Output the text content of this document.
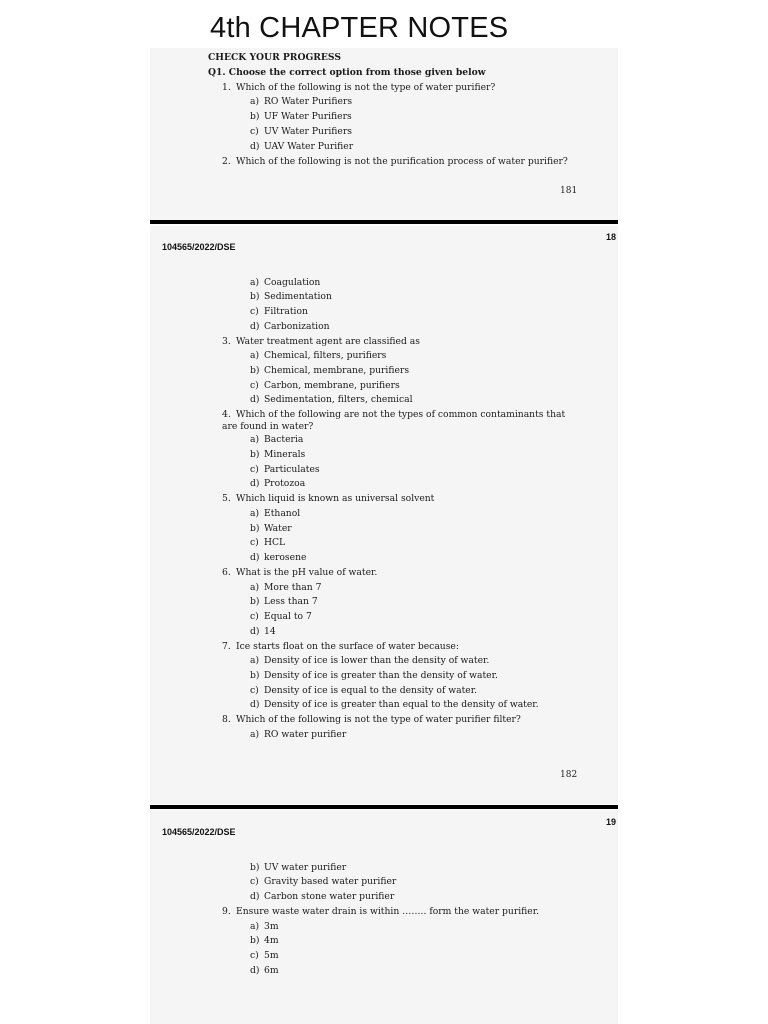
4th CHAPTER NOTES
CHECK YOUR PROGRESS
Q1. Choose the correct option from those given below
1. Which of the following is not the type of water purifier?
a) RO Water Purifiers
b) UF Water Purifiers
c) UV Water Purifiers
d) UAV Water Purifier
2. Which of the following is not the purification process of water purifier?
181
18
104565/2022/DSE
a) Coagulation
b) Sedimentation
c) Filtration
d) Carbonization
3. Water treatment agent are classified as
a) Chemical, filters, purifiers
b) Chemical, membrane, purifiers
c) Carbon, membrane, purifiers
d) Sedimentation, filters, chemical
4. Which of the following are not the types of common contaminants that are found in water?
a) Bacteria
b) Minerals
c) Particulates
d) Protozoa
5. Which liquid is known as universal solvent
a) Ethanol
b) Water
c) HCL
d) kerosene
6. What is the pH value of water.
a) More than 7
b) Less than 7
c) Equal to 7
d) 14
7. Ice starts float on the surface of water because:
a) Density of ice is lower than the density of water.
b) Density of ice is greater than the density of water.
c) Density of ice is equal to the density of water.
d) Density of ice is greater than equal to the density of water.
8. Which of the following is not the type of water purifier filter?
a) RO water purifier
182
19
104565/2022/DSE
b) UV water purifier
c) Gravity based water purifier
d) Carbon stone water purifier
9. Ensure waste water drain is within …….. form the water purifier.
a) 3m
b) 4m
c) 5m
d) 6m
